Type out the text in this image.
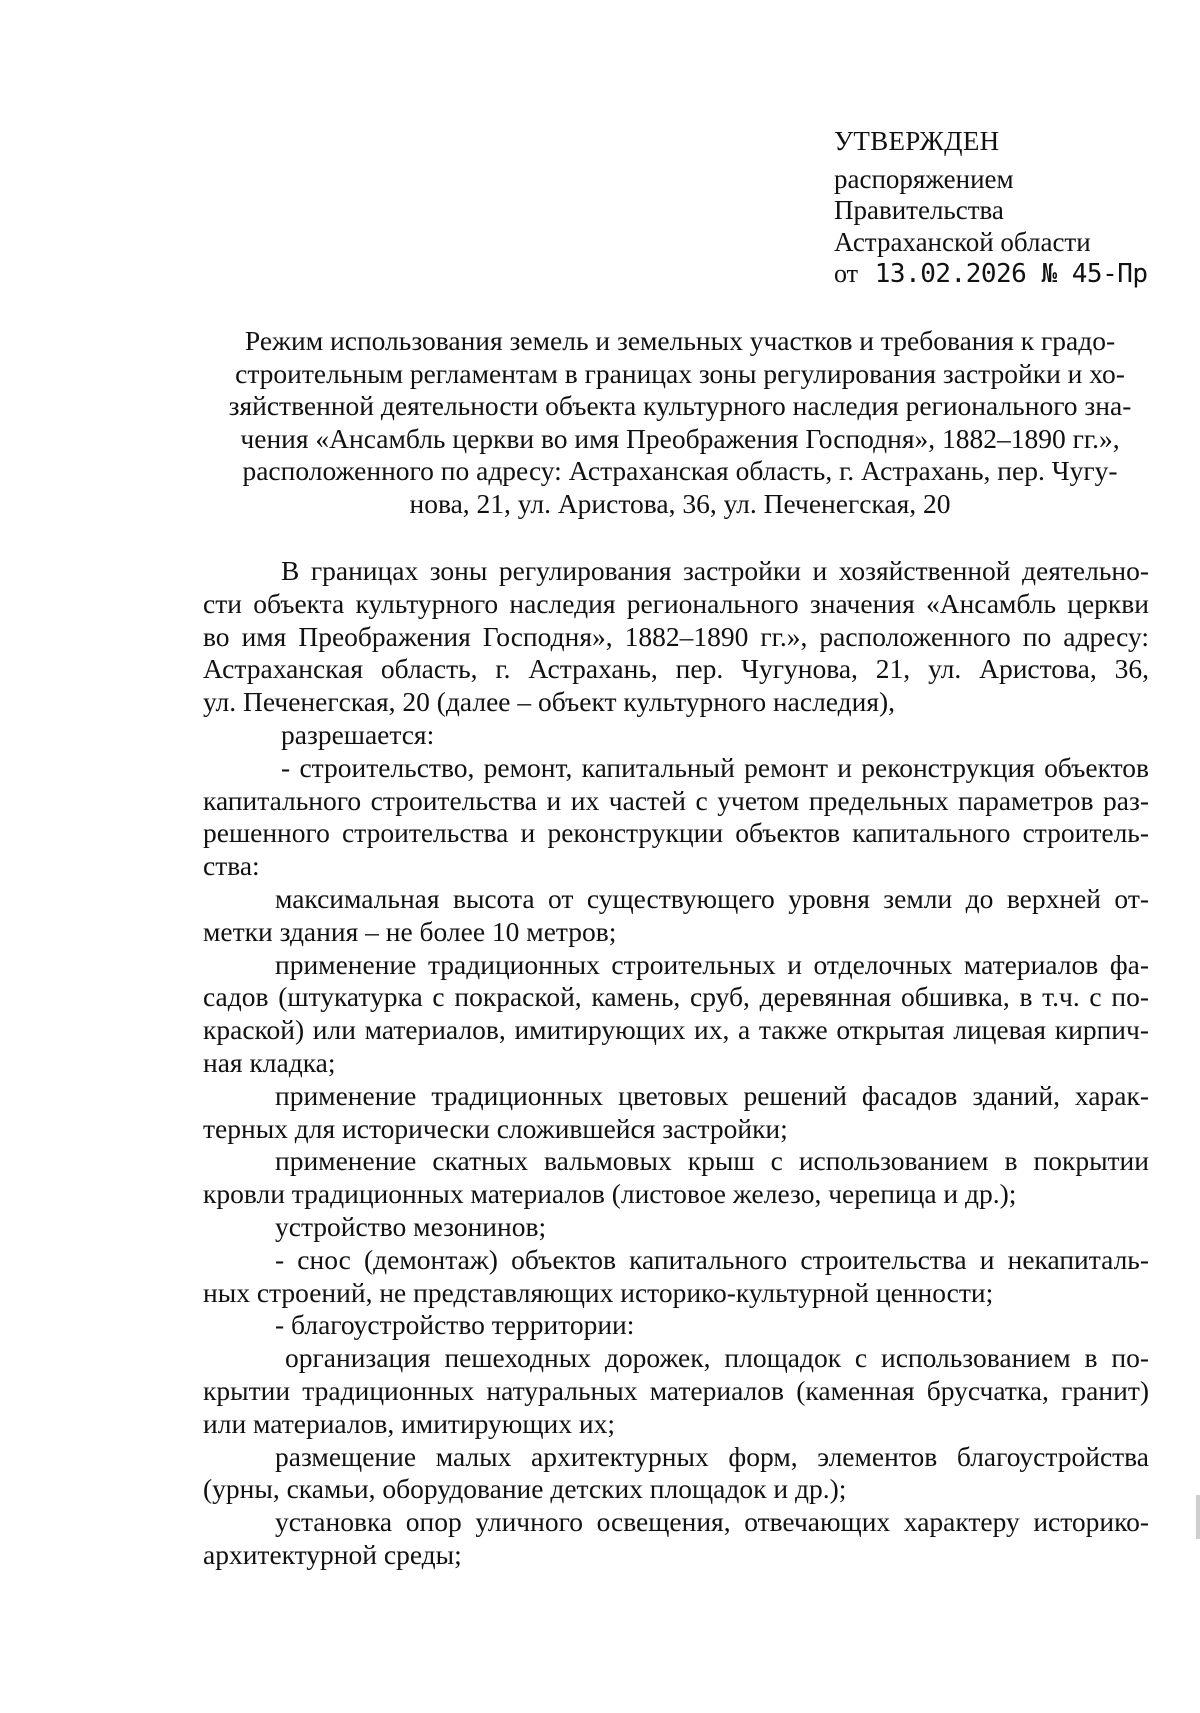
УТВЕРЖДЕН
распоряжением
Правительства
Астраханской области
от 13.02.2026 № 45-Пр
Режим использования земель и земельных участков и требования к градо-
строительным регламентам в границах зоны регулирования застройки и хо-
зяйственной деятельности объекта культурного наследия регионального зна-
чения «Ансамбль церкви во имя Преображения Господня», 1882–1890 гг.»,
расположенного по адресу: Астраханская область, г. Астрахань, пер. Чугу-
нова, 21, ул. Аристова, 36, ул. Печенегская, 20
В границах зоны регулирования застройки и хозяйственной деятельно-
сти объекта культурного наследия регионального значения «Ансамбль церкви
во имя Преображения Господня», 1882–1890 гг.», расположенного по адресу:
Астраханская область, г. Астрахань, пер. Чугунова, 21, ул. Аристова, 36,
ул. Печенегская, 20 (далее – объект культурного наследия),
разрешается:
- строительство, ремонт, капитальный ремонт и реконструкция объектов
капитального строительства и их частей с учетом предельных параметров раз-
решенного строительства и реконструкции объектов капитального строитель-
ства:
максимальная высота от существующего уровня земли до верхней от-
метки здания – не более 10 метров;
применение традиционных строительных и отделочных материалов фа-
садов (штукатурка с покраской, камень, сруб, деревянная обшивка, в т.ч. с по-
краской) или материалов, имитирующих их, а также открытая лицевая кирпич-
ная кладка;
применение традиционных цветовых решений фасадов зданий, харак-
терных для исторически сложившейся застройки;
применение скатных вальмовых крыш с использованием в покрытии
кровли традиционных материалов (листовое железо, черепица и др.);
устройство мезонинов;
- снос (демонтаж) объектов капитального строительства и некапиталь-
ных строений, не представляющих историко-культурной ценности;
- благоустройство территории:
организация пешеходных дорожек, площадок с использованием в по-
крытии традиционных натуральных материалов (каменная брусчатка, гранит)
или материалов, имитирующих их;
размещение малых архитектурных форм, элементов благоустройства
(урны, скамьи, оборудование детских площадок и др.);
установка опор уличного освещения, отвечающих характеру историко-
архитектурной среды;
